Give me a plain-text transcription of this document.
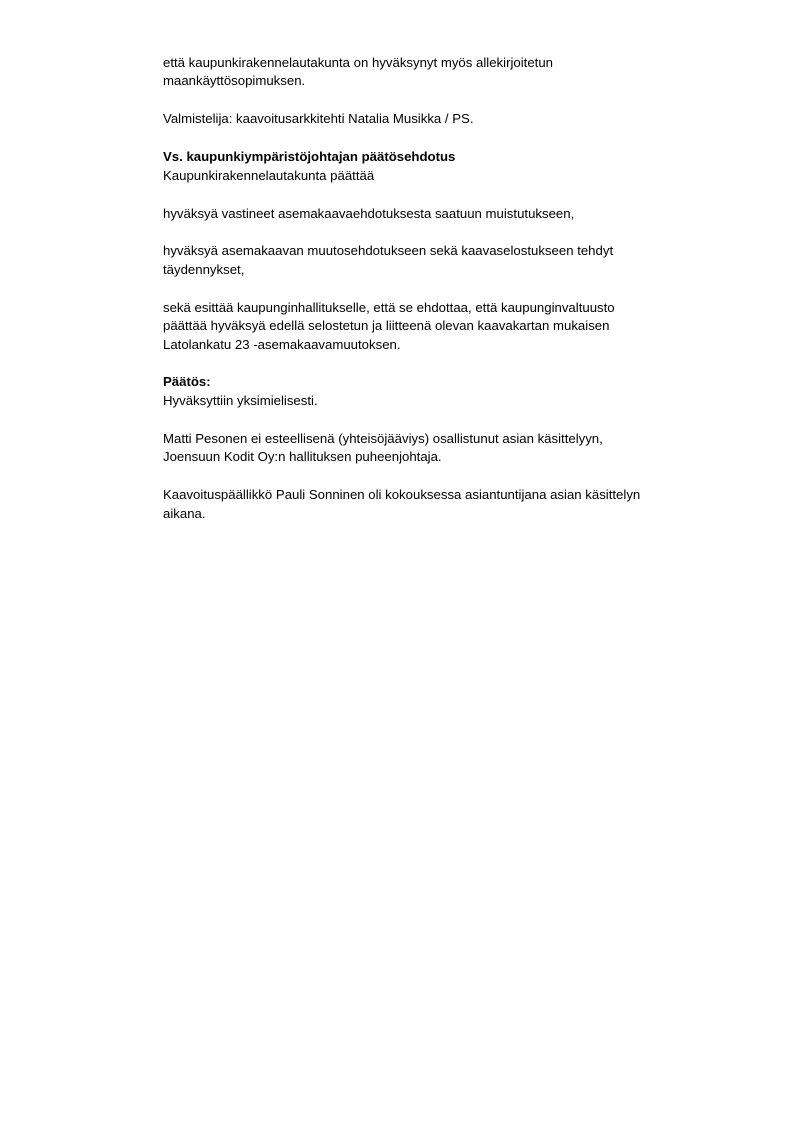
että kaupunkirakennelautakunta on hyväksynyt myös allekirjoitetun
maankäyttösopimuksen.
Valmistelija: kaavoitusarkkitehti Natalia Musikka / PS.
Vs. kaupunkiympäristöjohtajan päätösehdotus
Kaupunkirakennelautakunta päättää
hyväksyä vastineet asemakaavaehdotuksesta saatuun muistutukseen,
hyväksyä asemakaavan muutosehdotukseen sekä kaavaselostukseen tehdyt
täydennykset,
sekä esittää kaupunginhallitukselle, että se ehdottaa, että kaupunginvaltuusto
päättää hyväksyä edellä selostetun ja liitteenä olevan kaavakartan mukaisen
Latolankatu 23 -asemakaavamuutoksen.
Päätös:
Hyväksyttiin yksimielisesti.
Matti Pesonen ei esteellisenä (yhteisöjääviys) osallistunut asian käsittelyyn,
Joensuun Kodit Oy:n hallituksen puheenjohtaja.
Kaavoituspäällikkö Pauli Sonninen oli kokouksessa asiantuntijana asian käsittelyn
aikana.
